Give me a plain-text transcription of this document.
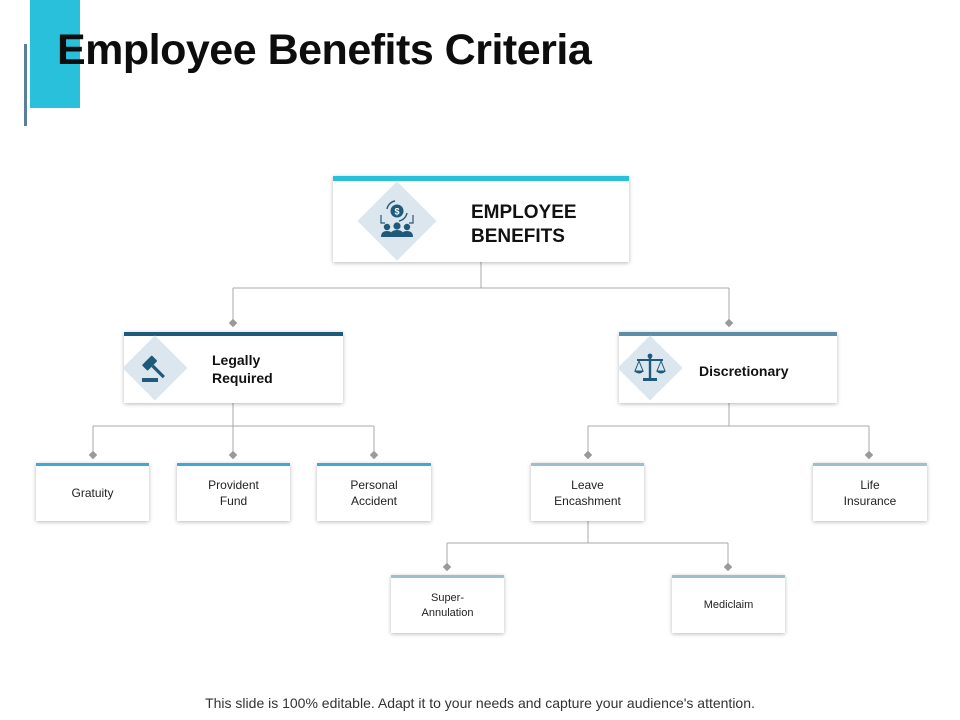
Employee Benefits Criteria
$	EMPLOYEE
BENEFITS
Legally
Required	Discretionary
Gratuity
Provident
Fund
Personal
Accident
Leave
Encashment
Life
Insurance
Super-
Annulation
Mediclaim
This slide is 100% editable. Adapt it to your needs and capture your audience's attention.
